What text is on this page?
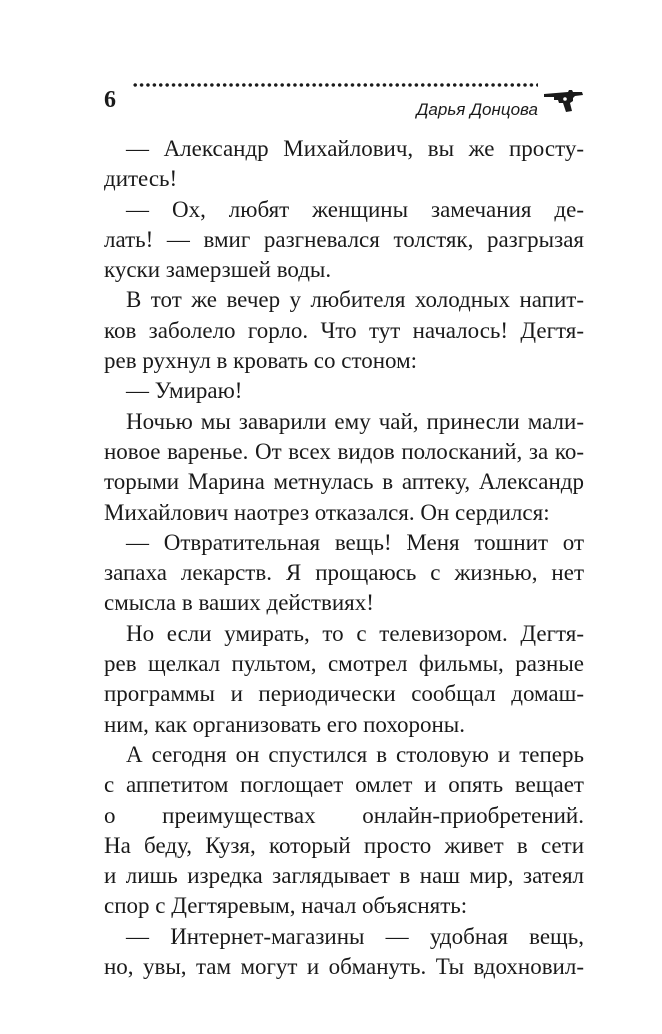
6	Дарья Донцова
— Александр Михайлович, вы же просту-
дитесь!
— Ох, любят женщины замечания де-
лать! — вмиг разгневался толстяк, разгрызая
куски замерзшей воды.
В тот же вечер у любителя холодных напит-
ков заболело горло. Что тут началось! Дегтя-
рев рухнул в кровать со стоном:
— Умираю!
Ночью мы заварили ему чай, принесли мали-
новое варенье. От всех видов полосканий, за ко-
торыми Марина метнулась в аптеку, Александр
Михайлович наотрез отказался. Он сердился:
— Отвратительная вещь! Меня тошнит от
запаха лекарств. Я прощаюсь с жизнью, нет
смысла в ваших действиях!
Но если умирать, то с телевизором. Дегтя-
рев щелкал пультом, смотрел фильмы, разные
программы и периодически сообщал домаш-
ним, как организовать его похороны.
А сегодня он спустился в столовую и теперь
с аппетитом поглощает омлет и опять вещает
о преимуществах онлайн-приобретений.
На беду, Кузя, который просто живет в сети
и лишь изредка заглядывает в наш мир, затеял
спор с Дегтяревым, начал объяснять:
— Интернет-магазины — удобная вещь,
но, увы, там могут и обмануть. Ты вдохновил-
